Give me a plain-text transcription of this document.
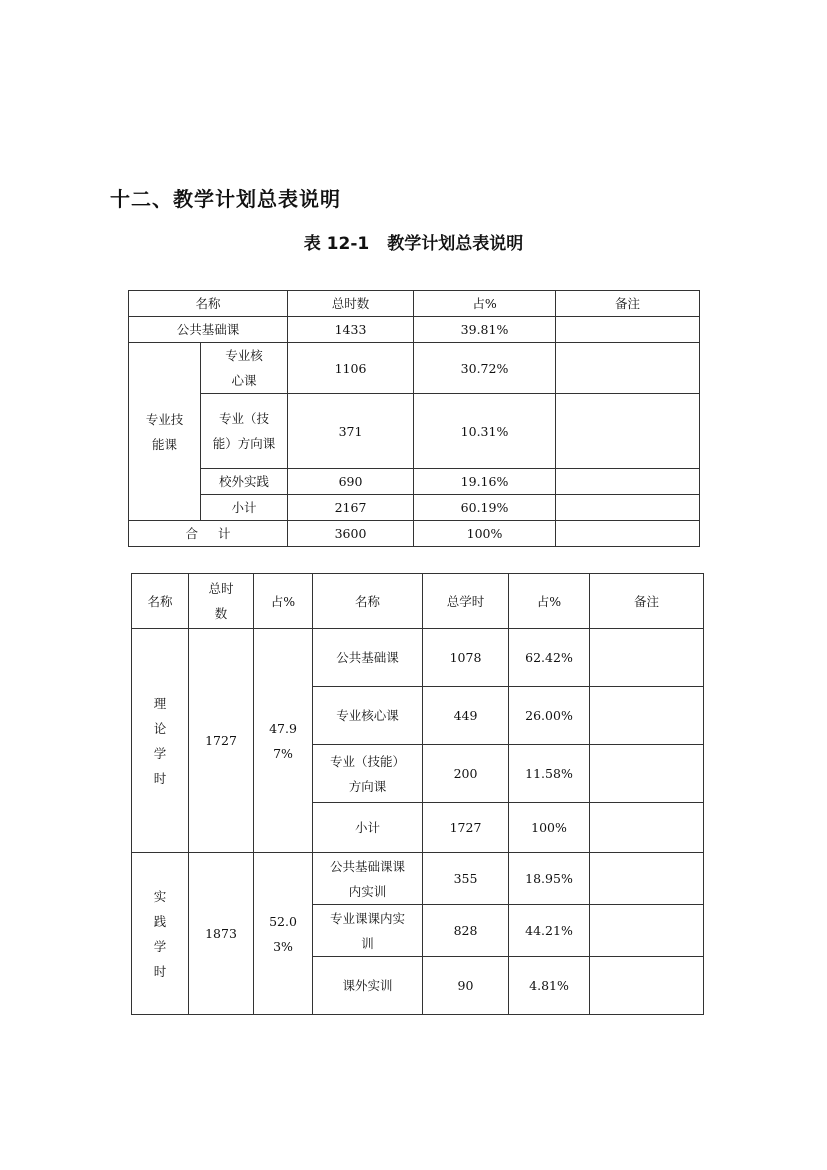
十二、教学计划总表说明
表 12-1 教学计划总表说明
名称		总时数	占%	备注
公共基础课		1433	39.81%	

专业技能课	专业核心课	1106	30.72%	

	专业（技能）方向课	371	10.31%	
	校外实践	690	19.16%	
	小计	2167	60.19%	
合 计		3600	100%	
名称	总时数	占%	名称	总学时	占%	备注

理论学时	1727	47.97%	公共基础课	1078	62.42%	
			专业核心课	449	26.00%	

			专业（技能）方向课	200	11.58%	
			小计	1727	100%	

实践学时	1873	52.03%	公共基础课课内实训	355	18.95%	

			专业课课内实训	828	44.21%	
			课外实训	90	4.81%	
